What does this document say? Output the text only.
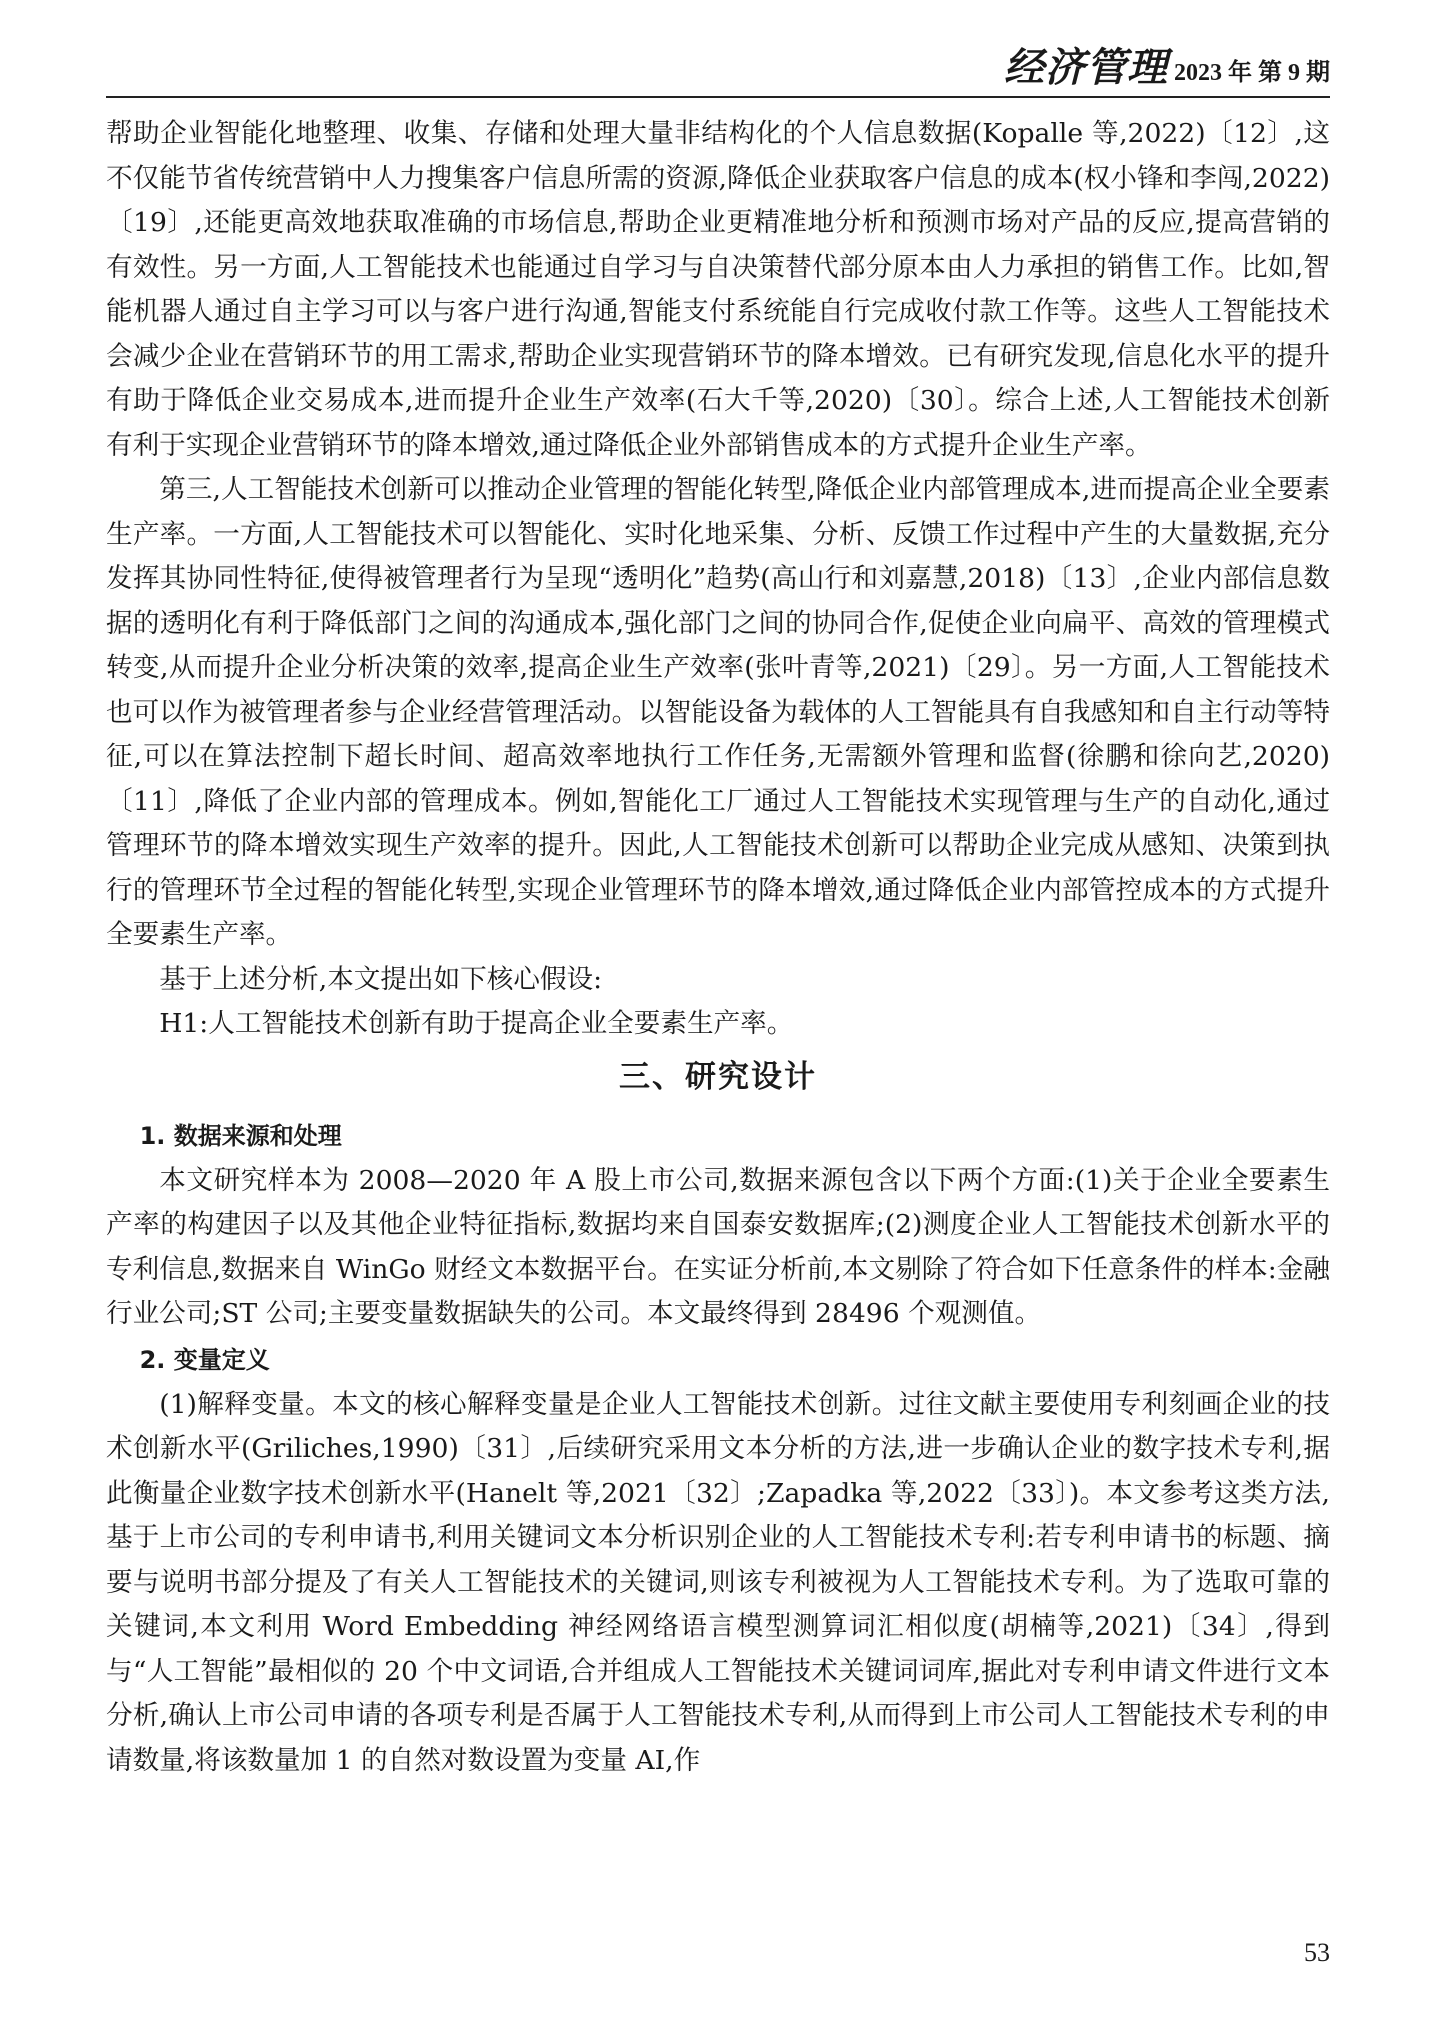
经济管理 2023 年 第 9 期

帮助企业智能化地整理、收集、存储和处理大量非结构化的个人信息数据(Kopalle 等,2022)〔12〕,这不仅能节省传统营销中人力搜集客户信息所需的资源,降低企业获取客户信息的成本(权小锋和李闯,2022)〔19〕,还能更高效地获取准确的市场信息,帮助企业更精准地分析和预测市场对产品的反应,提高营销的有效性。另一方面,人工智能技术也能通过自学习与自决策替代部分原本由人力承担的销售工作。比如,智能机器人通过自主学习可以与客户进行沟通,智能支付系统能自行完成收付款工作等。这些人工智能技术会减少企业在营销环节的用工需求,帮助企业实现营销环节的降本增效。已有研究发现,信息化水平的提升有助于降低企业交易成本,进而提升企业生产效率(石大千等,2020)〔30〕。综合上述,人工智能技术创新有利于实现企业营销环节的降本增效,通过降低企业外部销售成本的方式提升企业生产率。

第三,人工智能技术创新可以推动企业管理的智能化转型,降低企业内部管理成本,进而提高企业全要素生产率。一方面,人工智能技术可以智能化、实时化地采集、分析、反馈工作过程中产生的大量数据,充分发挥其协同性特征,使得被管理者行为呈现“透明化”趋势(高山行和刘嘉慧,2018)〔13〕,企业内部信息数据的透明化有利于降低部门之间的沟通成本,强化部门之间的协同合作,促使企业向扁平、高效的管理模式转变,从而提升企业分析决策的效率,提高企业生产效率(张叶青等,2021)〔29〕。另一方面,人工智能技术也可以作为被管理者参与企业经营管理活动。以智能设备为载体的人工智能具有自我感知和自主行动等特征,可以在算法控制下超长时间、超高效率地执行工作任务,无需额外管理和监督(徐鹏和徐向艺,2020)〔11〕,降低了企业内部的管理成本。例如,智能化工厂通过人工智能技术实现管理与生产的自动化,通过管理环节的降本增效实现生产效率的提升。因此,人工智能技术创新可以帮助企业完成从感知、决策到执行的管理环节全过程的智能化转型,实现企业管理环节的降本增效,通过降低企业内部管控成本的方式提升全要素生产率。

基于上述分析,本文提出如下核心假设:

H1:人工智能技术创新有助于提高企业全要素生产率。

三、研究设计
1. 数据来源和处理

本文研究样本为 2008—2020 年 A 股上市公司,数据来源包含以下两个方面:(1)关于企业全要素生产率的构建因子以及其他企业特征指标,数据均来自国泰安数据库;(2)测度企业人工智能技术创新水平的专利信息,数据来自 WinGo 财经文本数据平台。在实证分析前,本文剔除了符合如下任意条件的样本:金融行业公司;ST 公司;主要变量数据缺失的公司。本文最终得到 28496 个观测值。

2. 变量定义

(1)解释变量。本文的核心解释变量是企业人工智能技术创新。过往文献主要使用专利刻画企业的技术创新水平(Griliches,1990)〔31〕,后续研究采用文本分析的方法,进一步确认企业的数字技术专利,据此衡量企业数字技术创新水平(Hanelt 等,2021〔32〕;Zapadka 等,2022〔33〕)。本文参考这类方法,基于上市公司的专利申请书,利用关键词文本分析识别企业的人工智能技术专利:若专利申请书的标题、摘要与说明书部分提及了有关人工智能技术的关键词,则该专利被视为人工智能技术专利。为了选取可靠的关键词,本文利用 Word Embedding 神经网络语言模型测算词汇相似度(胡楠等,2021)〔34〕,得到与“人工智能”最相似的 20 个中文词语,合并组成人工智能技术关键词词库,据此对专利申请文件进行文本分析,确认上市公司申请的各项专利是否属于人工智能技术专利,从而得到上市公司人工智能技术专利的申请数量,将该数量加 1 的自然对数设置为变量 AI,作

53
